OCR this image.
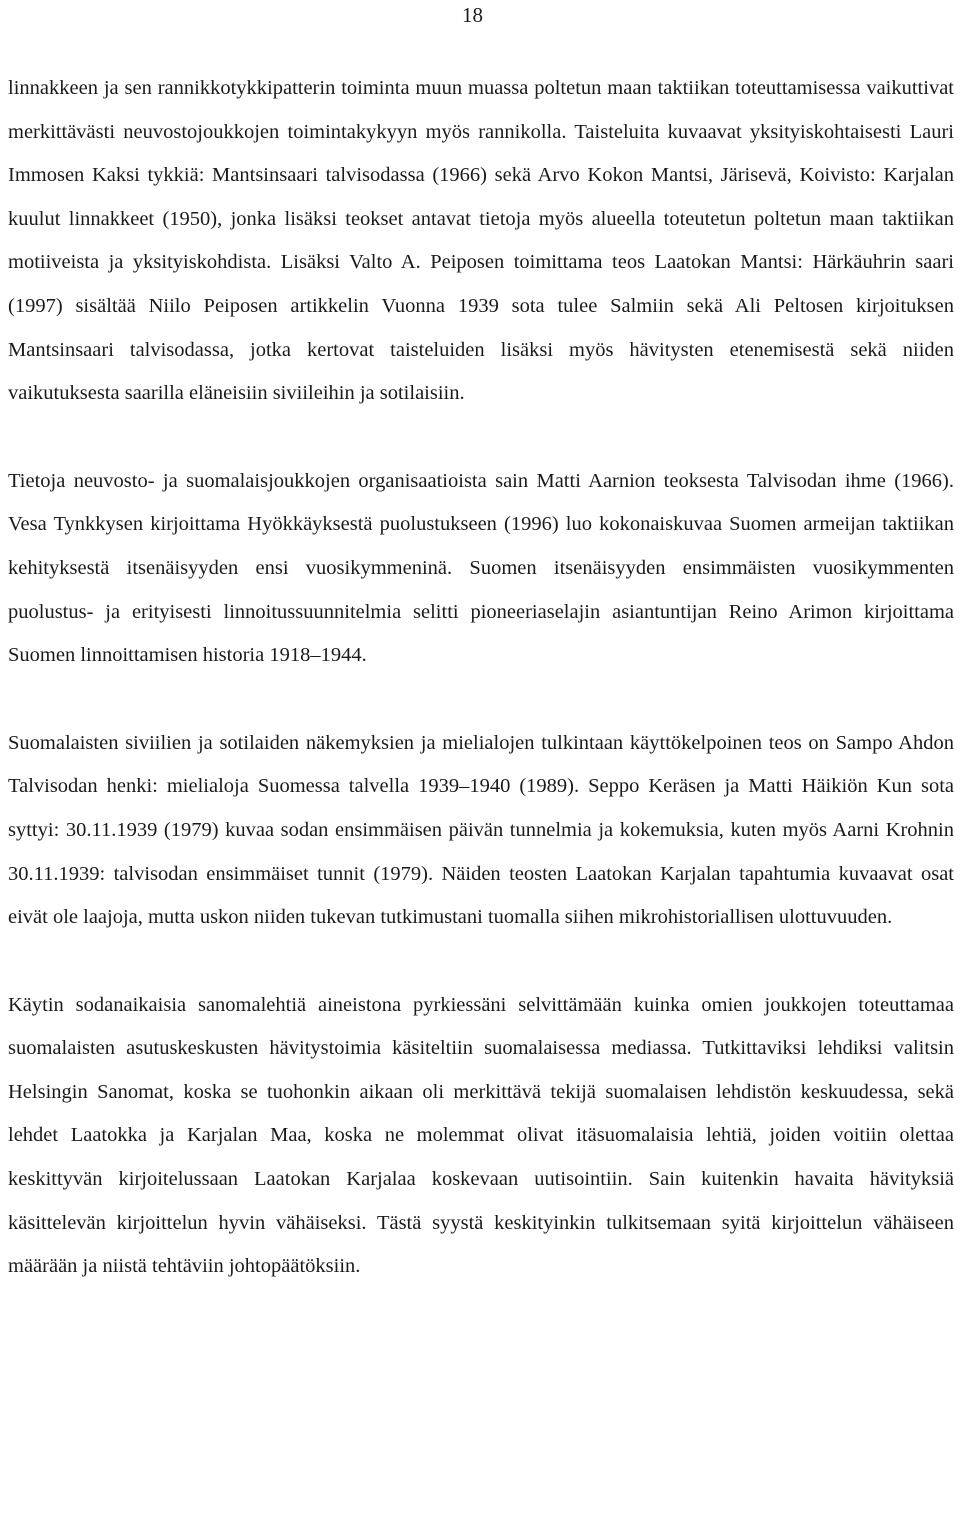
18

linnakkeen ja sen rannikkotykkipatterin toiminta muun muassa poltetun maan taktiikan toteuttamisessa vaikuttivat merkittävästi neuvostojoukkojen toimintakykyyn myös rannikolla. Taisteluita kuvaavat yksityiskohtaisesti Lauri Immosen Kaksi tykkiä: Mantsinsaari talvisodassa (1966) sekä Arvo Kokon Mantsi, Järisevä, Koivisto: Karjalan kuulut linnakkeet (1950), jonka lisäksi teokset antavat tietoja myös alueella toteutetun poltetun maan taktiikan motiiveista ja yksityiskohdista. Lisäksi Valto A. Peiposen toimittama teos Laatokan Mantsi: Härkäuhrin saari (1997) sisältää Niilo Peiposen artikkelin Vuonna 1939 sota tulee Salmiin sekä Ali Peltosen kirjoituksen Mantsinsaari talvisodassa, jotka kertovat taisteluiden lisäksi myös hävitysten etenemisestä sekä niiden vaikutuksesta saarilla eläneisiin siviileihin ja sotilaisiin.

Tietoja neuvosto- ja suomalaisjoukkojen organisaatioista sain Matti Aarnion teoksesta Talvisodan ihme (1966). Vesa Tynkkysen kirjoittama Hyökkäyksestä puolustukseen (1996) luo kokonaiskuvaa Suomen armeijan taktiikan kehityksestä itsenäisyyden ensi vuosikymmeninä. Suomen itsenäisyyden ensimmäisten vuosikymmenten puolustus- ja erityisesti linnoitussuunnitelmia selitti pioneeriaselajin asiantuntijan Reino Arimon kirjoittama Suomen linnoittamisen historia 1918–1944.

Suomalaisten siviilien ja sotilaiden näkemyksien ja mielialojen tulkintaan käyttökelpoinen teos on Sampo Ahdon Talvisodan henki: mielialoja Suomessa talvella 1939–1940 (1989). Seppo Keräsen ja Matti Häikiön Kun sota syttyi: 30.11.1939 (1979) kuvaa sodan ensimmäisen päivän tunnelmia ja kokemuksia, kuten myös Aarni Krohnin 30.11.1939: talvisodan ensimmäiset tunnit (1979). Näiden teosten Laatokan Karjalan tapahtumia kuvaavat osat eivät ole laajoja, mutta uskon niiden tukevan tutkimustani tuomalla siihen mikrohistoriallisen ulottuvuuden.

Käytin sodanaikaisia sanomalehtiä aineistona pyrkiessäni selvittämään kuinka omien joukkojen toteuttamaa suomalaisten asutuskeskusten hävitystoimia käsiteltiin suomalaisessa mediassa. Tutkittaviksi lehdiksi valitsin Helsingin Sanomat, koska se tuohonkin aikaan oli merkittävä tekijä suomalaisen lehdistön keskuudessa, sekä lehdet Laatokka ja Karjalan Maa, koska ne molemmat olivat itäsuomalaisia lehtiä, joiden voitiin olettaa keskittyvän kirjoitelussaan Laatokan Karjalaa koskevaan uutisointiin. Sain kuitenkin havaita hävityksiä käsittelevän kirjoittelun hyvin vähäiseksi. Tästä syystä keskityinkin tulkitsemaan syitä kirjoittelun vähäiseen määrään ja niistä tehtäviin johtopäätöksiin.
